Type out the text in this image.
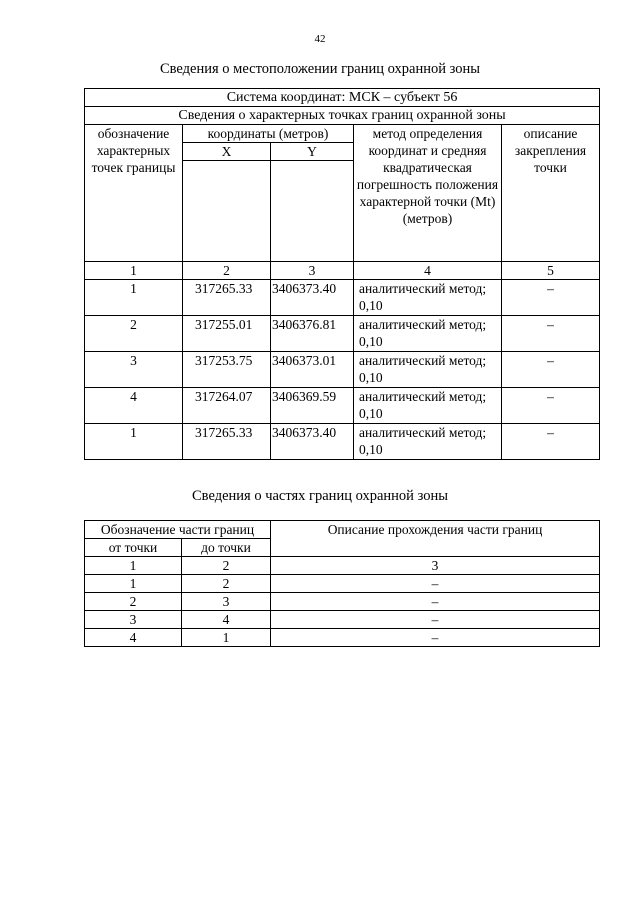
42
Сведения о местоположении границ охранной зоны
Система координат: МСК – субъект 56				
Сведения о характерных точках границ охранной зоны				
обозначение характерных точек границы	координаты (метров)		метод определения координат и средняя квадратическая погрешность положения характерной точки (Mt) (метров)	описание закрепления точки
	X	Y		

1	2	3	4	5
1	317265.33	3406373.40	аналитический метод; 0,10	–
2	317255.01	3406376.81	аналитический метод; 0,10	–
3	317253.75	3406373.01	аналитический метод; 0,10	–
4	317264.07	3406369.59	аналитический метод; 0,10	–
1	317265.33	3406373.40	аналитический метод; 0,10	–
Сведения о частях границ охранной зоны
Обозначение части границ		Описание прохождения части границ
от точки	до точки	
1	2	3
1	2	–
2	3	–
3	4	–
4	1	–
